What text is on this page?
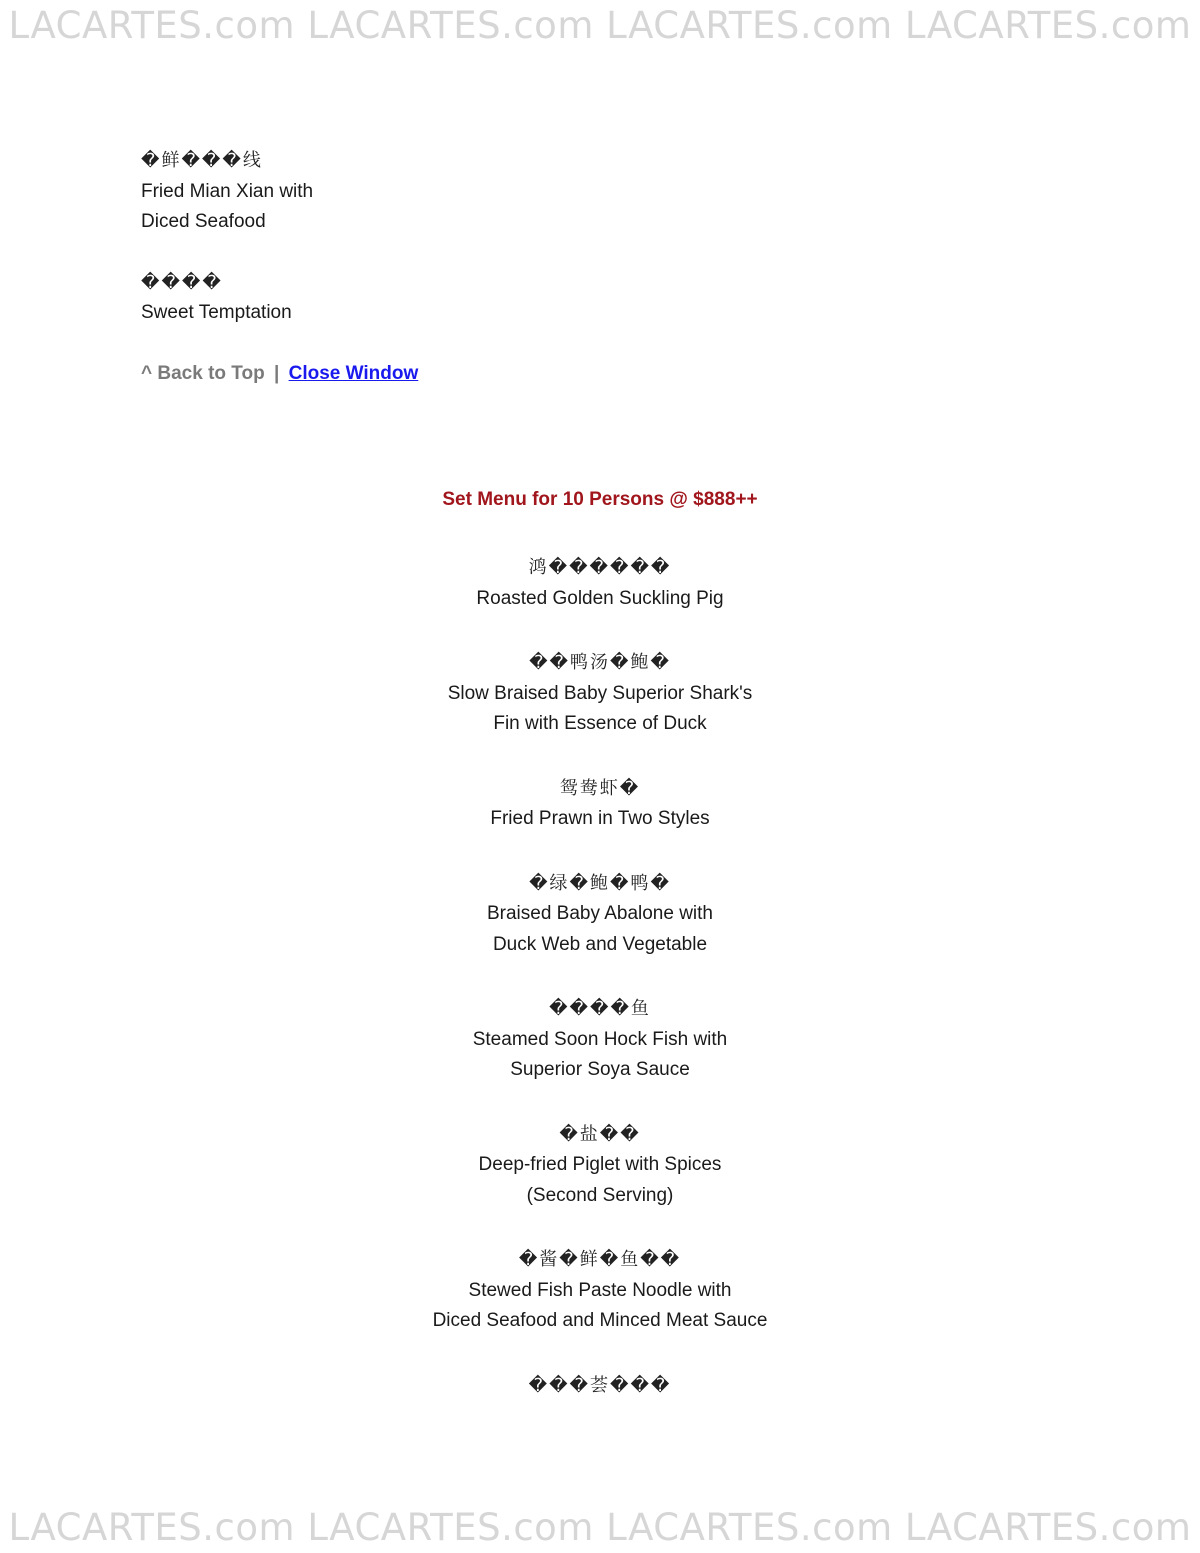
LACARTES.com LACARTES.com LACARTES.com LACARTES.com
�鲜���线
Fried Mian Xian with
Diced Seafood
����
Sweet Temptation
^ Back to Top | Close Window
Set Menu for 10 Persons @ $888++
鸿������
Roasted Golden Suckling Pig
��鸭汤�鲍�
Slow Braised Baby Superior Shark's
Fin with Essence of Duck
鸳鸯虾�
Fried Prawn in Two Styles
�绿�鲍�鸭�
Braised Baby Abalone with
Duck Web and Vegetable
����鱼
Steamed Soon Hock Fish with
Superior Soya Sauce
�盐��
Deep-fried Piglet with Spices
(Second Serving)
�酱�鲜�鱼��
Stewed Fish Paste Noodle with
Diced Seafood and Minced Meat Sauce
���荟���
LACARTES.com LACARTES.com LACARTES.com LACARTES.com
